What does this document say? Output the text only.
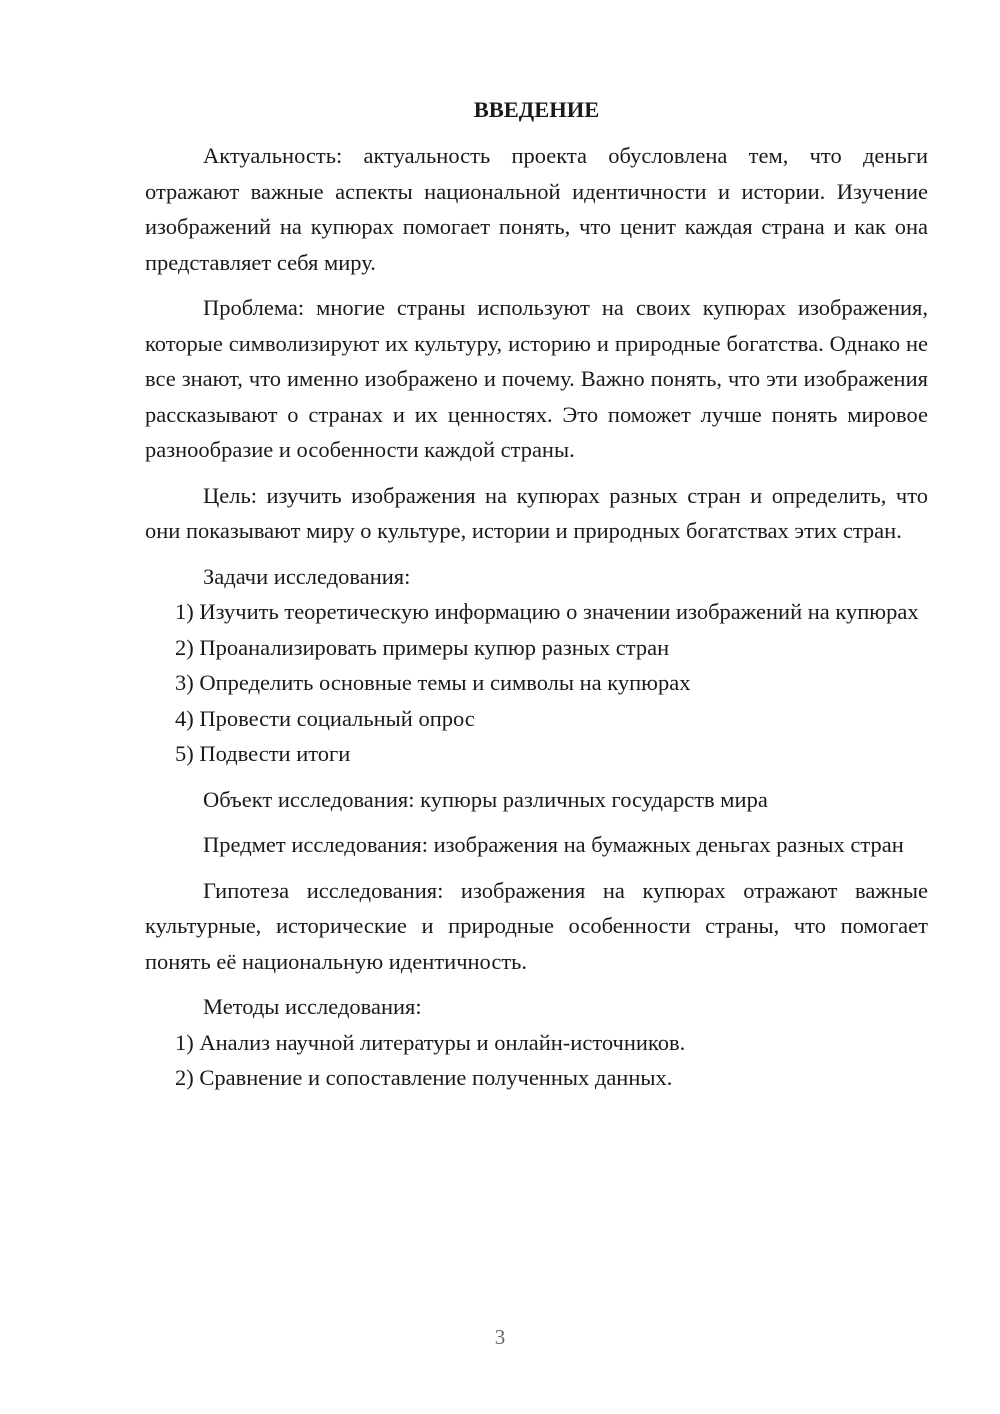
ВВЕДЕНИЕ

Актуальность: актуальность проекта обусловлена тем, что деньги отражают важные аспекты национальной идентичности и истории. Изучение изображений на купюрах помогает понять, что ценит каждая страна и как она представляет себя миру.

Проблема: многие страны используют на своих купюрах изображения, которые символизируют их культуру, историю и природные богатства. Однако не все знают, что именно изображено и почему. Важно понять, что эти изображения рассказывают о странах и их ценностях. Это поможет лучше понять мировое разнообразие и особенности каждой страны.

Цель: изучить изображения на купюрах разных стран и определить, что они показывают миру о культуре, истории и природных богатствах этих стран.

Задачи исследования:

1) Изучить теоретическую информацию о значении изображений на купюрах

2) Проанализировать примеры купюр разных стран

3) Определить основные темы и символы на купюрах

4) Провести социальный опрос

5) Подвести итоги

Объект исследования: купюры различных государств мира

Предмет исследования: изображения на бумажных деньгах разных стран

Гипотеза исследования: изображения на купюрах отражают важные культурные, исторические и природные особенности страны, что помогает понять её национальную идентичность.

Методы исследования:

1) Анализ научной литературы и онлайн-источников.

2) Сравнение и сопоставление полученных данных.

3
